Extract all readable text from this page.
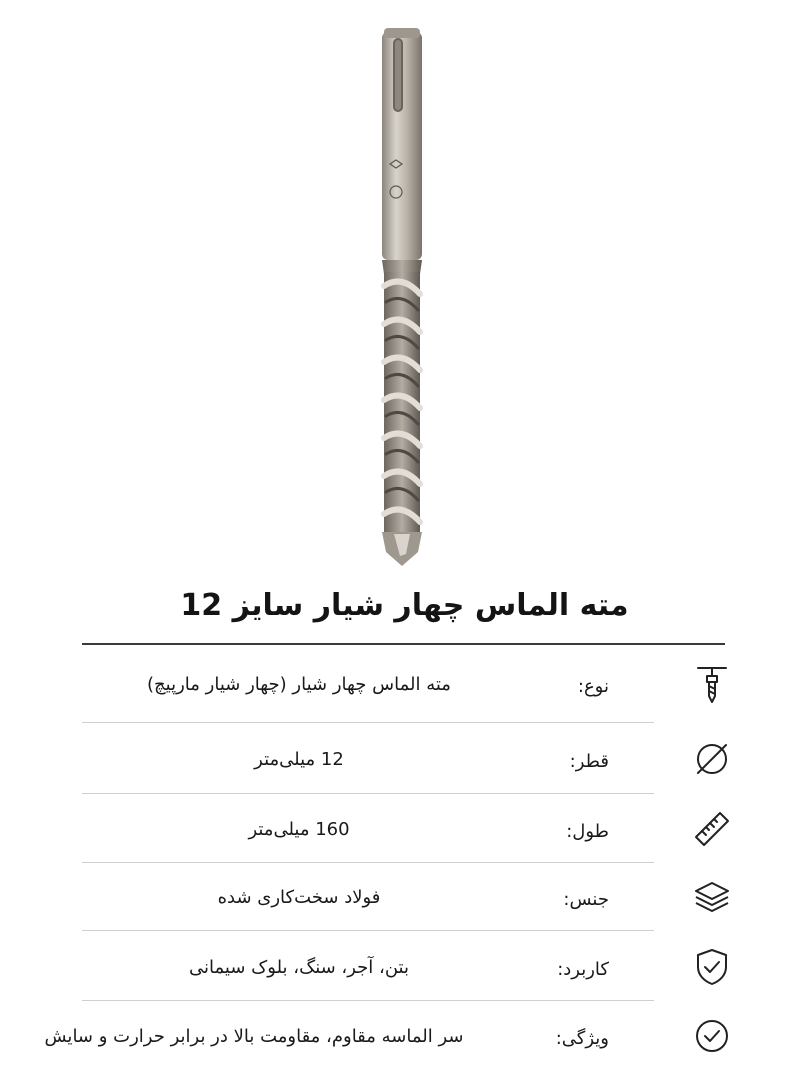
مته الماس چهار شیار سایز 12
مته الماس چهار شیار (چهار شیار مارپیچ)	نوع:
12 میلی‌متر	قطر:
160 میلی‌متر	طول:
فولاد سخت‌کاری شده	جنس:
بتن، آجر، سنگ، بلوک سیمانی	کاربرد:
سر الماسه مقاوم، مقاومت بالا در برابر حرارت و سایش	ویژگی:
